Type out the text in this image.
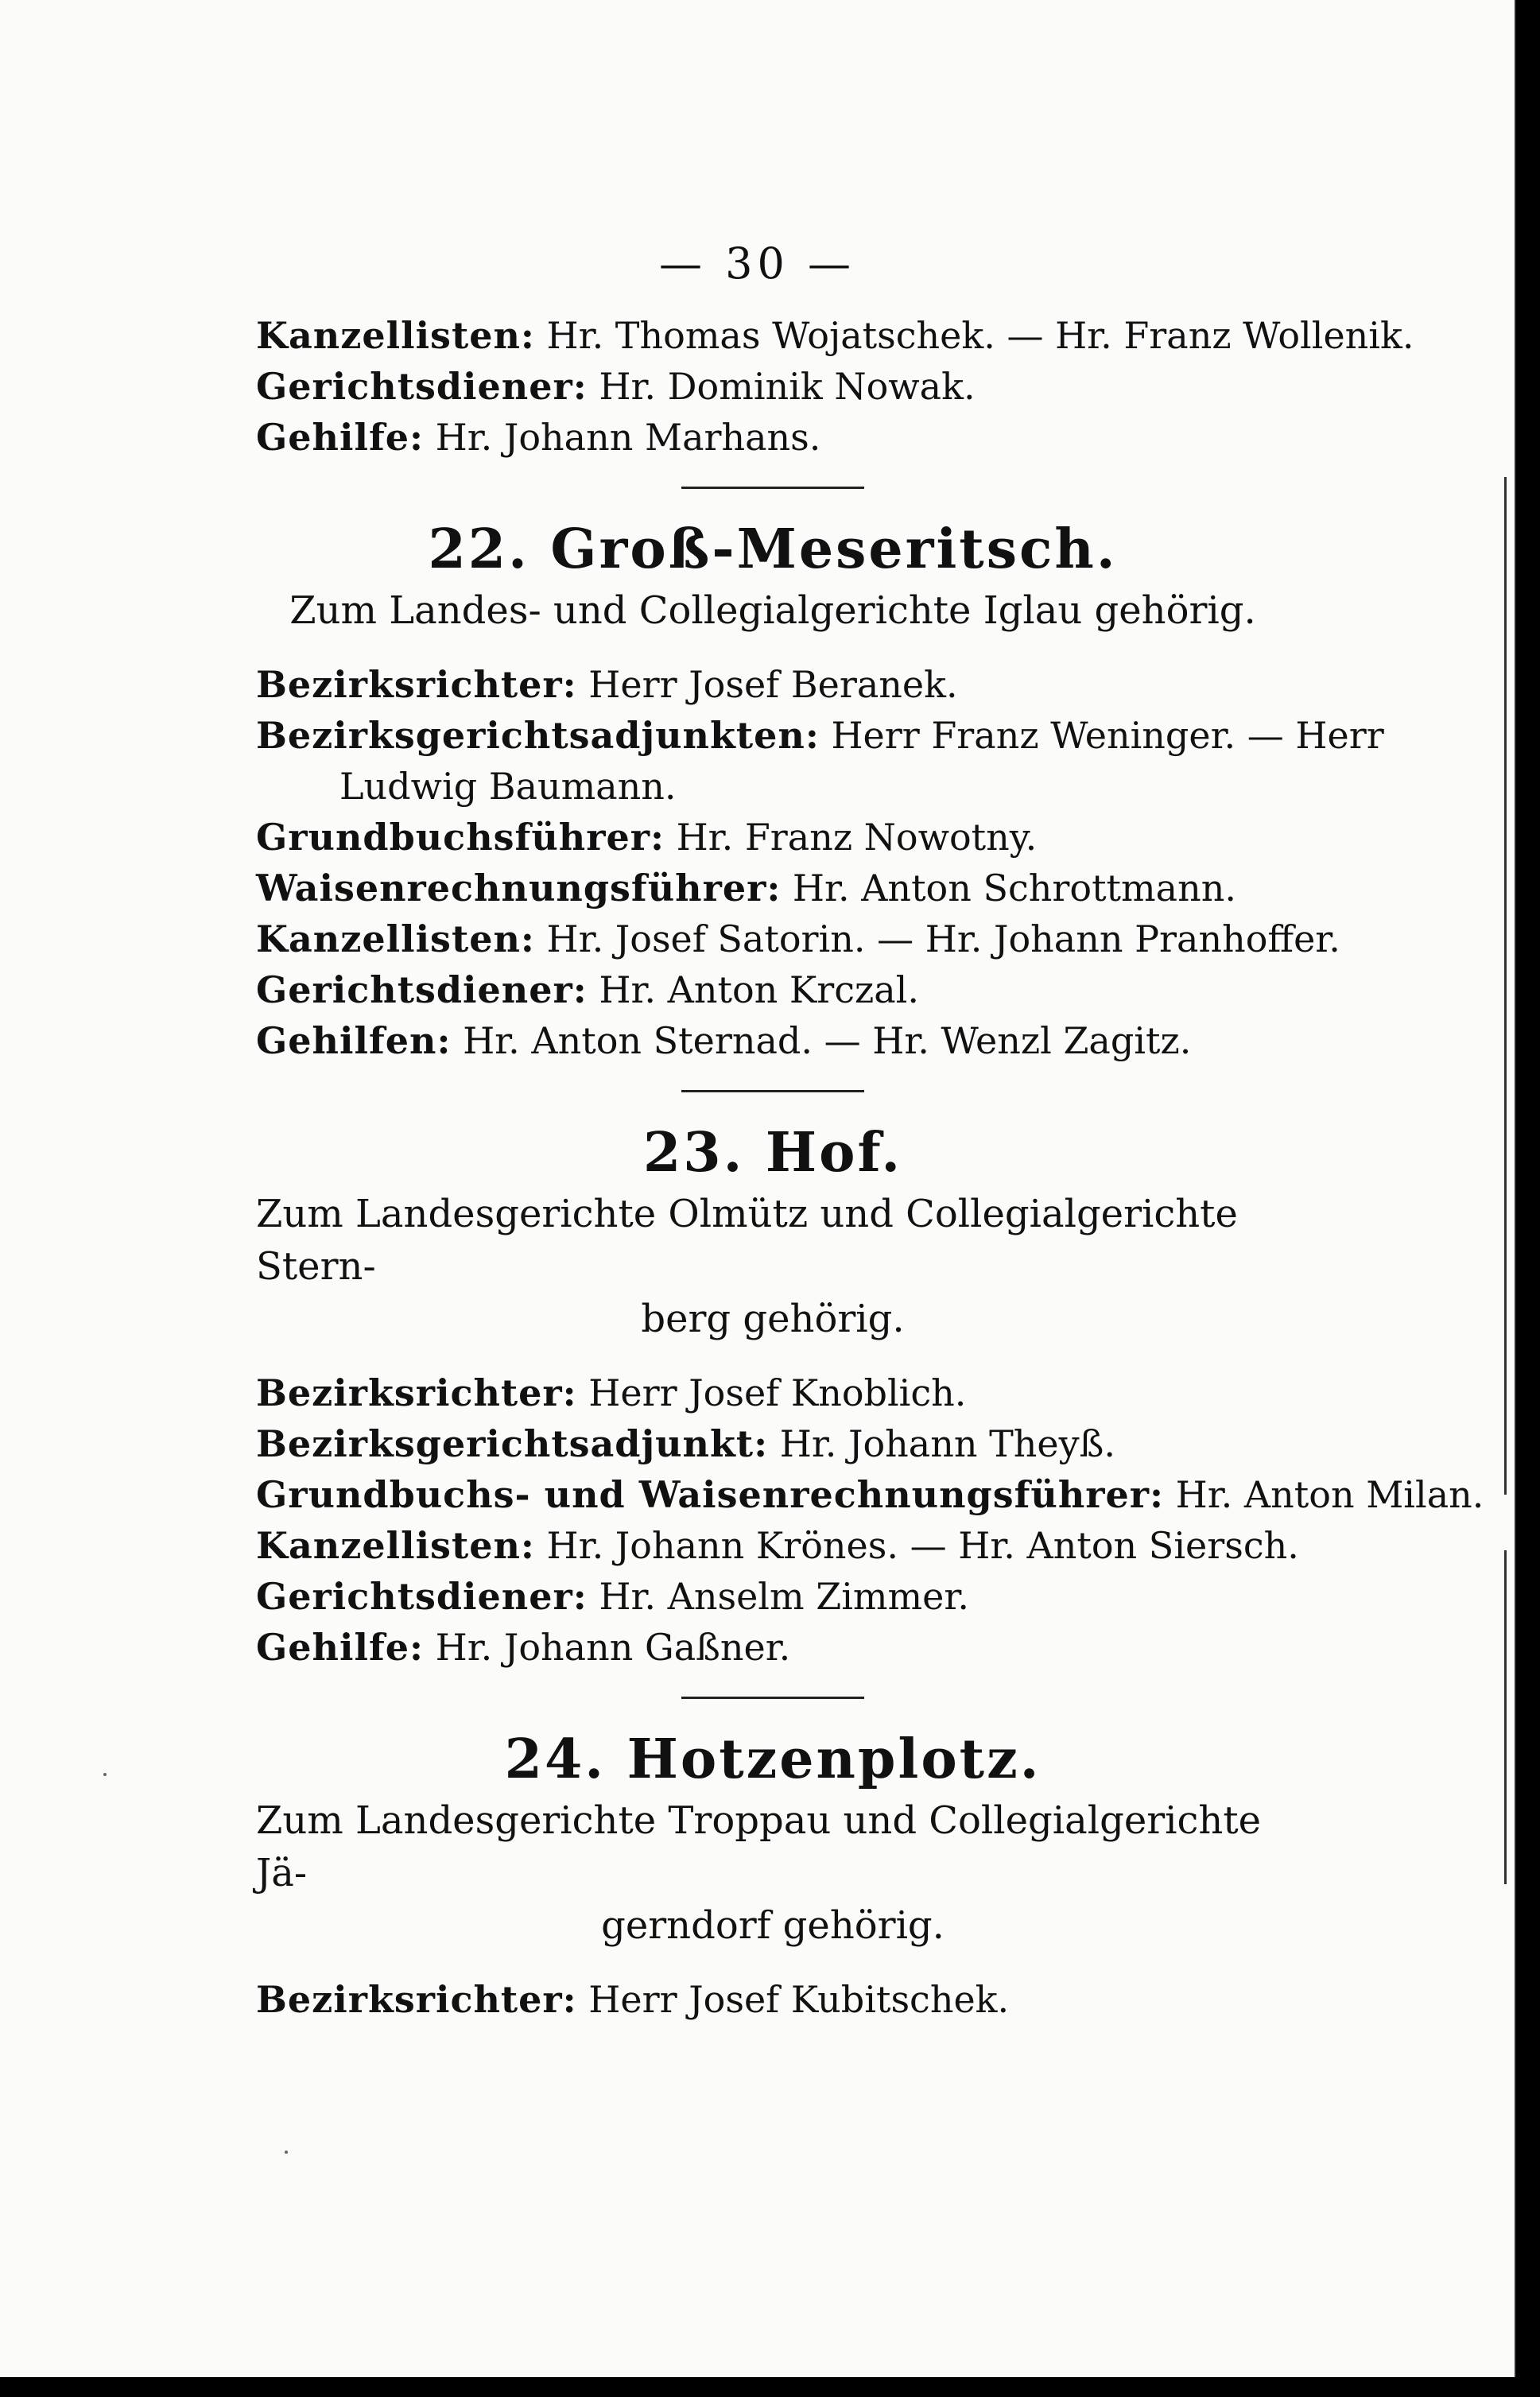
— 30 —
Kanzellisten: Hr. Thomas Wojatschek. — Hr. Franz Wollenik.
Gerichtsdiener: Hr. Dominik Nowak.
Gehilfe: Hr. Johann Marhans.
22. Groß-Meseritsch.
Zum Landes- und Collegialgerichte Iglau gehörig.
Bezirksrichter: Herr Josef Beranek.
Bezirksgerichtsadjunkten: Herr Franz Weninger. — Herr
Ludwig Baumann.
Grundbuchsführer: Hr. Franz Nowotny.
Waisenrechnungsführer: Hr. Anton Schrottmann.
Kanzellisten: Hr. Josef Satorin. — Hr. Johann Pranhoffer.
Gerichtsdiener: Hr. Anton Krczal.
Gehilfen: Hr. Anton Sternad. — Hr. Wenzl Zagitz.
23. Hof.
Zum Landesgerichte Olmütz und Collegialgerichte Stern-
berg gehörig.
Bezirksrichter: Herr Josef Knoblich.
Bezirksgerichtsadjunkt: Hr. Johann Theyß.
Grundbuchs- und Waisenrechnungsführer: Hr. Anton Milan.
Kanzellisten: Hr. Johann Krönes. — Hr. Anton Siersch.
Gerichtsdiener: Hr. Anselm Zimmer.
Gehilfe: Hr. Johann Gaßner.
24. Hotzenplotz.
Zum Landesgerichte Troppau und Collegialgerichte Jä-
gerndorf gehörig.
Bezirksrichter: Herr Josef Kubitschek.
